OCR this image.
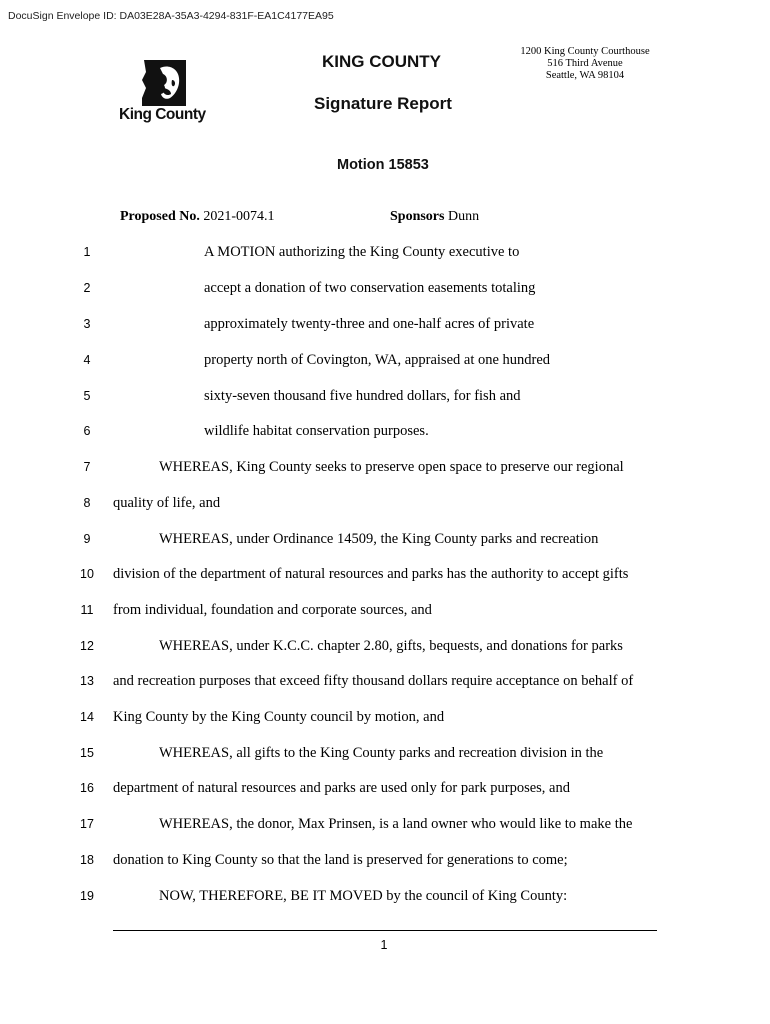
DocuSign Envelope ID: DA03E28A-35A3-4294-831F-EA1C4177EA95
King County
KING COUNTY
Signature Report
1200 King County Courthouse
516 Third Avenue
Seattle, WA 98104
Motion 15853
Proposed No. 2021-0074.1	Sponsors Dunn
1	A MOTION authorizing the King County executive to
2	accept a donation of two conservation easements totaling
3	approximately twenty-three and one-half acres of private
4	property north of Covington, WA, appraised at one hundred
5	sixty-seven thousand five hundred dollars, for fish and
6	wildlife habitat conservation purposes.
7	WHEREAS, King County seeks to preserve open space to preserve our regional
8	quality of life, and
9	WHEREAS, under Ordinance 14509, the King County parks and recreation
10	division of the department of natural resources and parks has the authority to accept gifts
11	from individual, foundation and corporate sources, and
12	WHEREAS, under K.C.C. chapter 2.80, gifts, bequests, and donations for parks
13	and recreation purposes that exceed fifty thousand dollars require acceptance on behalf of
14	King County by the King County council by motion, and
15	WHEREAS, all gifts to the King County parks and recreation division in the
16	department of natural resources and parks are used only for park purposes, and
17	WHEREAS, the donor, Max Prinsen, is a land owner who would like to make the
18	donation to King County so that the land is preserved for generations to come;
19	NOW, THEREFORE, BE IT MOVED by the council of King County:
1
